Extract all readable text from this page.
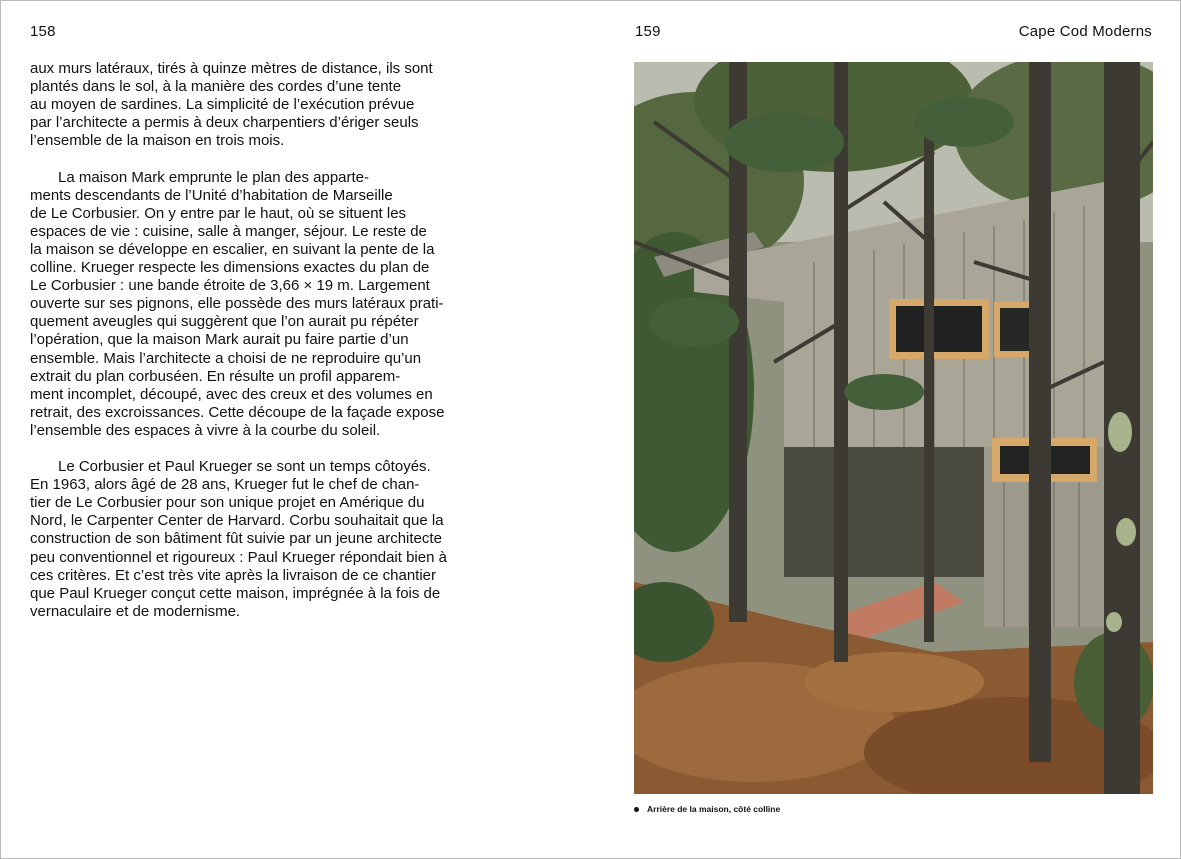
158	159	Cape Cod Moderns

aux murs latéraux, tirés à quinze mètres de distance, ils sont
plantés dans le sol, à la manière des cordes d’une tente
au moyen de sardines. La simplicité de l’exécution prévue
par l’architecte a permis à deux charpentiers d’ériger seuls
l’ensemble de la maison en trois mois.

La maison Mark emprunte le plan des apparte-
ments descendants de l’Unité d’habitation de Marseille
de Le Corbusier. On y entre par le haut, où se situent les
espaces de vie : cuisine, salle à manger, séjour. Le reste de
la maison se développe en escalier, en suivant la pente de la
colline. Krueger respecte les dimensions exactes du plan de
Le Corbusier : une bande étroite de 3,66 × 19 m. Largement
ouverte sur ses pignons, elle possède des murs latéraux prati-
quement aveugles qui suggèrent que l’on aurait pu répéter
l’opération, que la maison Mark aurait pu faire partie d’un
ensemble. Mais l’architecte a choisi de ne reproduire qu’un
extrait du plan corbuséen. En résulte un profil apparem-
ment incomplet, découpé, avec des creux et des volumes en
retrait, des excroissances. Cette découpe de la façade expose
l’ensemble des espaces à vivre à la courbe du soleil.

Le Corbusier et Paul Krueger se sont un temps côtoyés.
En 1963, alors âgé de 28 ans, Krueger fut le chef de chan-
tier de Le Corbusier pour son unique projet en Amérique du
Nord, le Carpenter Center de Harvard. Corbu souhaitait que la
construction de son bâtiment fût suivie par un jeune architecte
peu conventionnel et rigoureux : Paul Krueger répondait bien à
ces critères. Et c’est très vite après la livraison de ce chantier
que Paul Krueger conçut cette maison, imprégnée à la fois de
vernaculaire et de modernisme.

Arrière de la maison, côté colline
